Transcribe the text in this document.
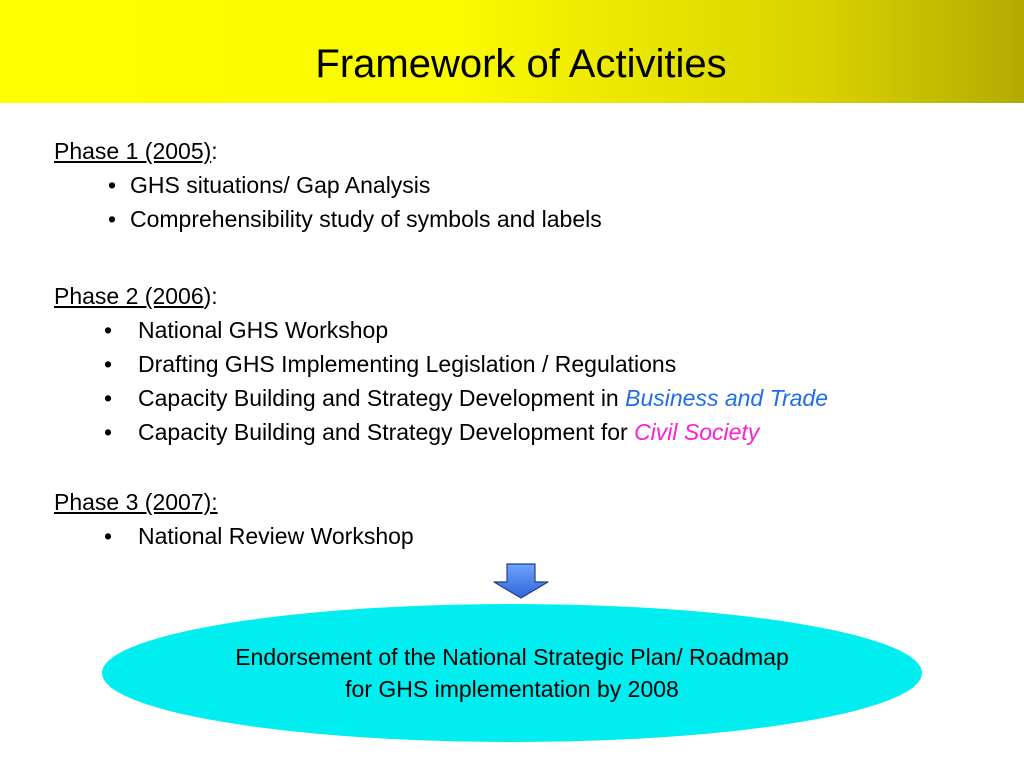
Framework of Activities
Phase 1 (2005):
• GHS situations/ Gap Analysis
• Comprehensibility study of symbols and labels
Phase 2 (2006):
• National GHS Workshop
• Drafting GHS Implementing Legislation / Regulations
• Capacity Building and Strategy Development in Business and Trade
• Capacity Building and Strategy Development for Civil Society
Phase 3 (2007):
• National Review Workshop
Endorsement of the National Strategic Plan/ Roadmap
for GHS implementation by 2008
